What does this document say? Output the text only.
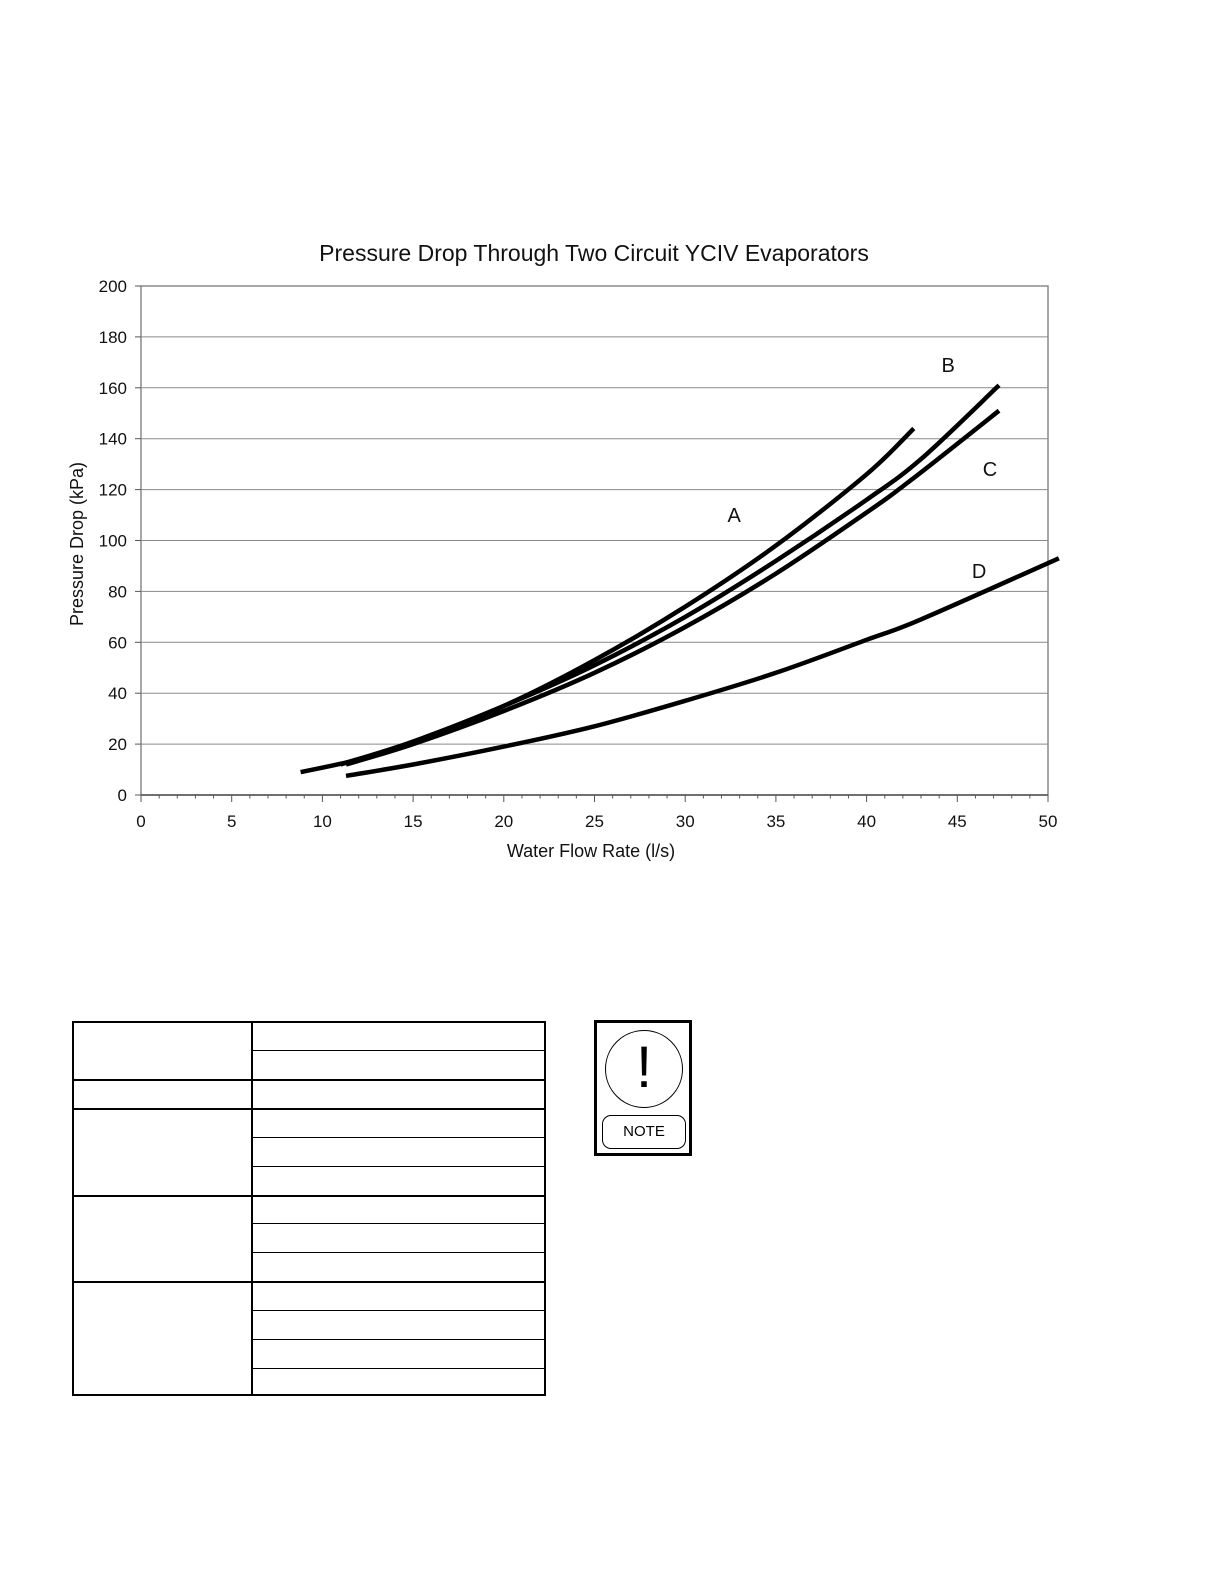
Pressure Drop Through Two Circuit YCIV Evaporators
0
20
40
60
80
100
120
140
160
180
200
0	5	10	15	20	25	30	35	40	45	50
A
B
C
D
Water Flow Rate (l/s)
Pressure Drop (kPa)
!
NOTE
